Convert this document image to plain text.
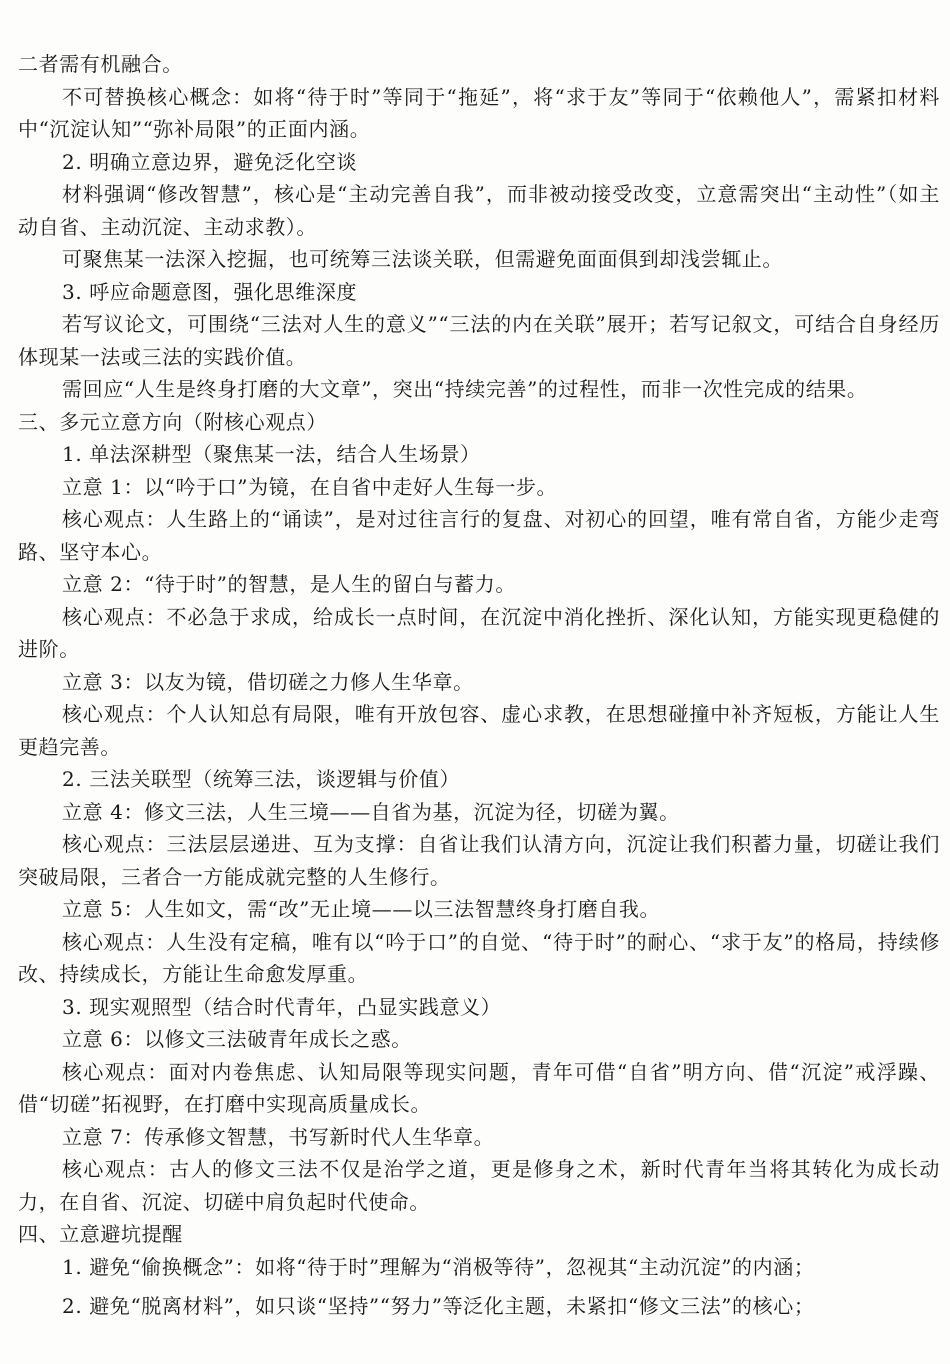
二者需有机融合。

不可替换核心概念：如将“待于时”等同于“拖延”，将“求于友”等同于“依赖他人”，需紧扣材料中“沉淀认知”“弥补局限”的正面内涵。

2. 明确立意边界，避免泛化空谈

材料强调“修改智慧”，核心是“主动完善自我”，而非被动接受改变，立意需突出“主动性”（如主动自省、主动沉淀、主动求教）。

可聚焦某一法深入挖掘，也可统筹三法谈关联，但需避免面面俱到却浅尝辄止。

3. 呼应命题意图，强化思维深度

若写议论文，可围绕“三法对人生的意义”“三法的内在关联”展开；若写记叙文，可结合自身经历体现某一法或三法的实践价值。

需回应“人生是终身打磨的大文章”，突出“持续完善”的过程性，而非一次性完成的结果。

三、多元立意方向（附核心观点）

1. 单法深耕型（聚焦某一法，结合人生场景）

立意 1：以“吟于口”为镜，在自省中走好人生每一步。

核心观点：人生路上的“诵读”，是对过往言行的复盘、对初心的回望，唯有常自省，方能少走弯路、坚守本心。

立意 2：“待于时”的智慧，是人生的留白与蓄力。

核心观点：不必急于求成，给成长一点时间，在沉淀中消化挫折、深化认知，方能实现更稳健的进阶。

立意 3：以友为镜，借切磋之力修人生华章。

核心观点：个人认知总有局限，唯有开放包容、虚心求教，在思想碰撞中补齐短板，方能让人生更趋完善。

2. 三法关联型（统筹三法，谈逻辑与价值）

立意 4：修文三法，人生三境——自省为基，沉淀为径，切磋为翼。

核心观点：三法层层递进、互为支撑：自省让我们认清方向，沉淀让我们积蓄力量，切磋让我们突破局限，三者合一方能成就完整的人生修行。

立意 5：人生如文，需“改”无止境——以三法智慧终身打磨自我。

核心观点：人生没有定稿，唯有以“吟于口”的自觉、“待于时”的耐心、“求于友”的格局，持续修改、持续成长，方能让生命愈发厚重。

3. 现实观照型（结合时代青年，凸显实践意义）

立意 6：以修文三法破青年成长之惑。

核心观点：面对内卷焦虑、认知局限等现实问题，青年可借“自省”明方向、借“沉淀”戒浮躁、借“切磋”拓视野，在打磨中实现高质量成长。

立意 7：传承修文智慧，书写新时代人生华章。

核心观点：古人的修文三法不仅是治学之道，更是修身之术，新时代青年当将其转化为成长动力，在自省、沉淀、切磋中肩负起时代使命。

四、立意避坑提醒

1. 避免“偷换概念”：如将“待于时”理解为“消极等待”，忽视其“主动沉淀”的内涵；

2. 避免“脱离材料”，如只谈“坚持”“努力”等泛化主题，未紧扣“修文三法”的核心；
